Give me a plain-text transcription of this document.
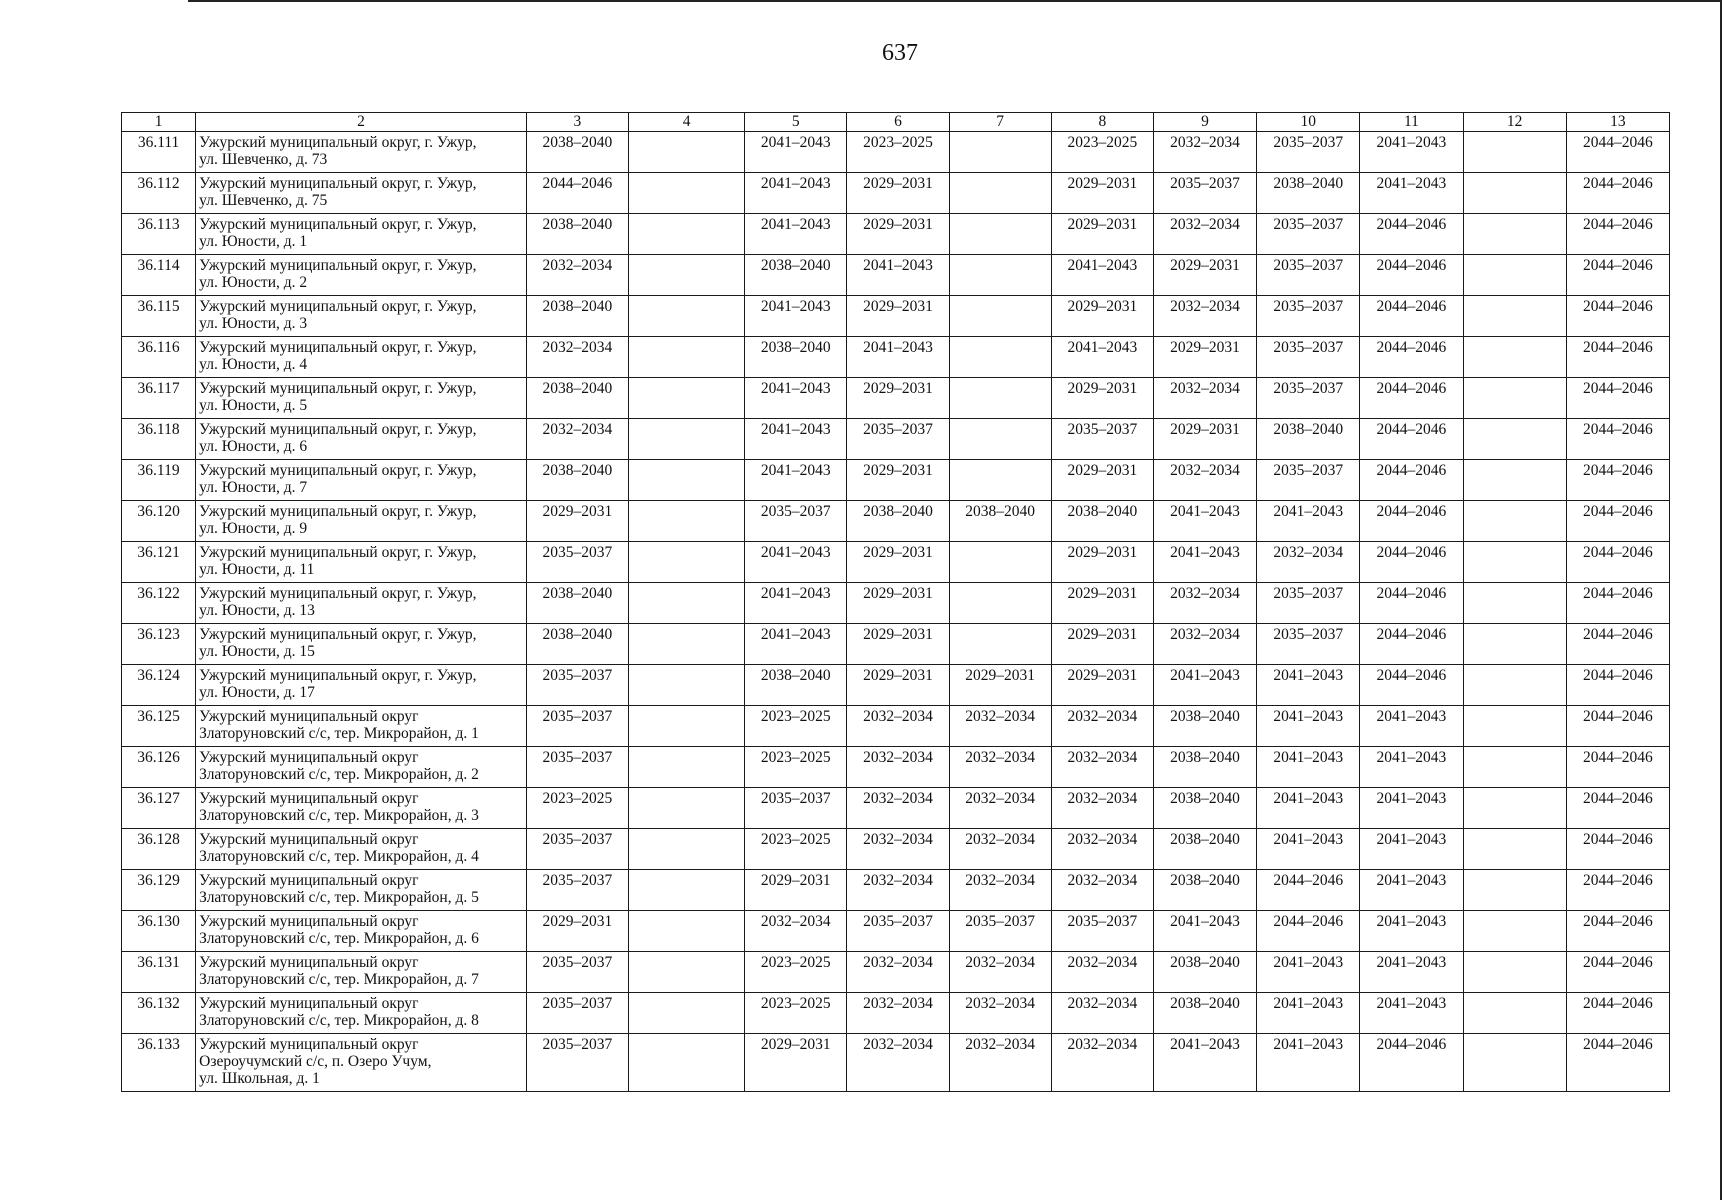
637
1	2	3	4	5	6	7	8	9	10	11	12	13
36.111	Ужурский муниципальный округ, г. Ужур,
ул. Шевченко, д. 73	2038–2040		2041–2043	2023–2025		2023–2025	2032–2034	2035–2037	2041–2043		2044–2046
36.112	Ужурский муниципальный округ, г. Ужур,
ул. Шевченко, д. 75	2044–2046		2041–2043	2029–2031		2029–2031	2035–2037	2038–2040	2041–2043		2044–2046
36.113	Ужурский муниципальный округ, г. Ужур,
ул. Юности, д. 1	2038–2040		2041–2043	2029–2031		2029–2031	2032–2034	2035–2037	2044–2046		2044–2046
36.114	Ужурский муниципальный округ, г. Ужур,
ул. Юности, д. 2	2032–2034		2038–2040	2041–2043		2041–2043	2029–2031	2035–2037	2044–2046		2044–2046
36.115	Ужурский муниципальный округ, г. Ужур,
ул. Юности, д. 3	2038–2040		2041–2043	2029–2031		2029–2031	2032–2034	2035–2037	2044–2046		2044–2046
36.116	Ужурский муниципальный округ, г. Ужур,
ул. Юности, д. 4	2032–2034		2038–2040	2041–2043		2041–2043	2029–2031	2035–2037	2044–2046		2044–2046
36.117	Ужурский муниципальный округ, г. Ужур,
ул. Юности, д. 5	2038–2040		2041–2043	2029–2031		2029–2031	2032–2034	2035–2037	2044–2046		2044–2046
36.118	Ужурский муниципальный округ, г. Ужур,
ул. Юности, д. 6	2032–2034		2041–2043	2035–2037		2035–2037	2029–2031	2038–2040	2044–2046		2044–2046
36.119	Ужурский муниципальный округ, г. Ужур,
ул. Юности, д. 7	2038–2040		2041–2043	2029–2031		2029–2031	2032–2034	2035–2037	2044–2046		2044–2046
36.120	Ужурский муниципальный округ, г. Ужур,
ул. Юности, д. 9	2029–2031		2035–2037	2038–2040	2038–2040	2038–2040	2041–2043	2041–2043	2044–2046		2044–2046
36.121	Ужурский муниципальный округ, г. Ужур,
ул. Юности, д. 11	2035–2037		2041–2043	2029–2031		2029–2031	2041–2043	2032–2034	2044–2046		2044–2046
36.122	Ужурский муниципальный округ, г. Ужур,
ул. Юности, д. 13	2038–2040		2041–2043	2029–2031		2029–2031	2032–2034	2035–2037	2044–2046		2044–2046
36.123	Ужурский муниципальный округ, г. Ужур,
ул. Юности, д. 15	2038–2040		2041–2043	2029–2031		2029–2031	2032–2034	2035–2037	2044–2046		2044–2046
36.124	Ужурский муниципальный округ, г. Ужур,
ул. Юности, д. 17	2035–2037		2038–2040	2029–2031	2029–2031	2029–2031	2041–2043	2041–2043	2044–2046		2044–2046
36.125	Ужурский муниципальный округ
Златоруновский с/с, тер. Микрорайон, д. 1	2035–2037		2023–2025	2032–2034	2032–2034	2032–2034	2038–2040	2041–2043	2041–2043		2044–2046
36.126	Ужурский муниципальный округ
Златоруновский с/с, тер. Микрорайон, д. 2	2035–2037		2023–2025	2032–2034	2032–2034	2032–2034	2038–2040	2041–2043	2041–2043		2044–2046
36.127	Ужурский муниципальный округ
Златоруновский с/с, тер. Микрорайон, д. 3	2023–2025		2035–2037	2032–2034	2032–2034	2032–2034	2038–2040	2041–2043	2041–2043		2044–2046
36.128	Ужурский муниципальный округ
Златоруновский с/с, тер. Микрорайон, д. 4	2035–2037		2023–2025	2032–2034	2032–2034	2032–2034	2038–2040	2041–2043	2041–2043		2044–2046
36.129	Ужурский муниципальный округ
Златоруновский с/с, тер. Микрорайон, д. 5	2035–2037		2029–2031	2032–2034	2032–2034	2032–2034	2038–2040	2044–2046	2041–2043		2044–2046
36.130	Ужурский муниципальный округ
Златоруновский с/с, тер. Микрорайон, д. 6	2029–2031		2032–2034	2035–2037	2035–2037	2035–2037	2041–2043	2044–2046	2041–2043		2044–2046
36.131	Ужурский муниципальный округ
Златоруновский с/с, тер. Микрорайон, д. 7	2035–2037		2023–2025	2032–2034	2032–2034	2032–2034	2038–2040	2041–2043	2041–2043		2044–2046
36.132	Ужурский муниципальный округ
Златоруновский с/с, тер. Микрорайон, д. 8	2035–2037		2023–2025	2032–2034	2032–2034	2032–2034	2038–2040	2041–2043	2041–2043		2044–2046
36.133	Ужурский муниципальный округ
Озероучумский с/с, п. Озеро Учум,
ул. Школьная, д. 1	2035–2037		2029–2031	2032–2034	2032–2034	2032–2034	2041–2043	2041–2043	2044–2046		2044–2046
